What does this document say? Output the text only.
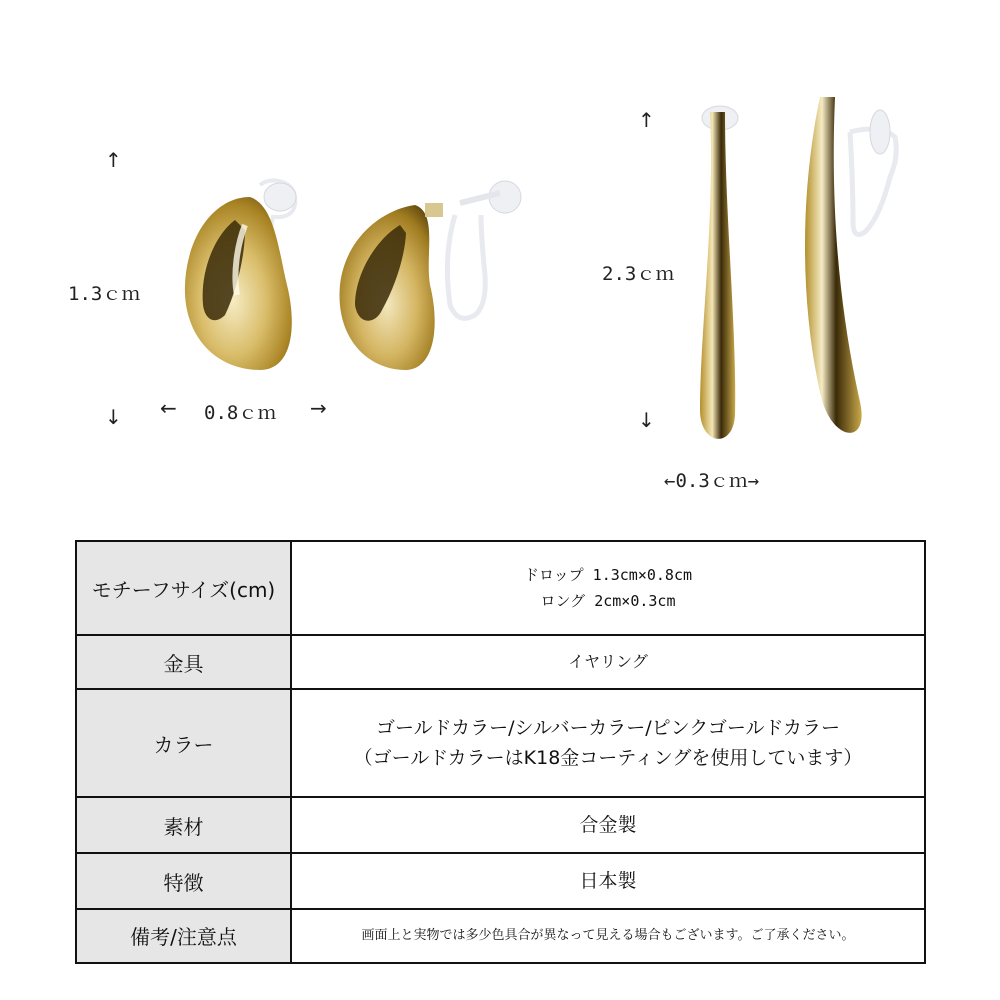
↑
1.3ｃｍ
↓ ← 0.8ｃｍ →
↑
2.3ｃｍ
↓
←0.3ｃｍ→
モチーフサイズ(cm)	ドロップ 1.3cm×0.8cm
ロング 2cm×0.3cm

金具	イヤリング

カラー	ゴールドカラー/シルバーカラー/ピンクゴールドカラー
（ゴールドカラーはK18金コーティングを使用しています）

素材	合金製

特徴	日本製

備考/注意点	画面上と実物では多少色具合が異なって見える場合もございます。ご了承ください。
